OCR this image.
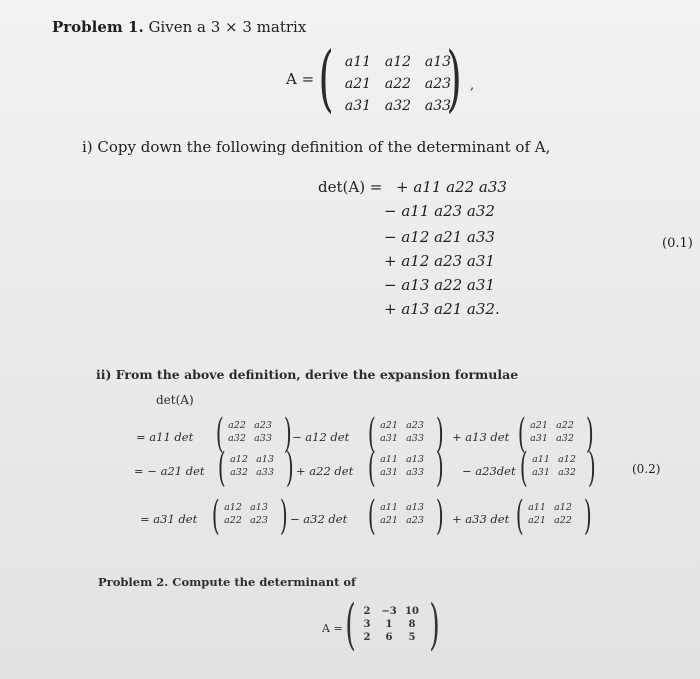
Problem 1. Given a 3 × 3 matrix
A = ( a11 a12 a13
a21 a22 a23
a31 a32 a33
) ,
i) Copy down the following definition of the determinant of A,
det(A) = + a11 a22 a33
− a11 a23 a32
− a12 a21 a33
+ a12 a23 a31
− a13 a22 a31
+ a13 a21 a32.
(0.1)
ii) From the above definition, derive the expansion formulae
det(A)
= a11 det ( a22 a23
a32 a33 ) − a12 det ( a21 a23
a31 a33 ) + a13 det ( a21 a22
a31 a32 )
= − a21 det ( a12 a13
a32 a33 ) + a22 det ( a11 a13
a31 a33 ) − a23det ( a11 a12
a31 a32 )
= a31 det ( a12 a13
a22 a23 ) − a32 det ( a11 a13
a21 a23 ) + a33 det ( a11 a12
a21 a22 )
(0.2)
Problem 2. Compute the determinant of
A = ( 2	−3 10
3	1	8
2	6	5 )
